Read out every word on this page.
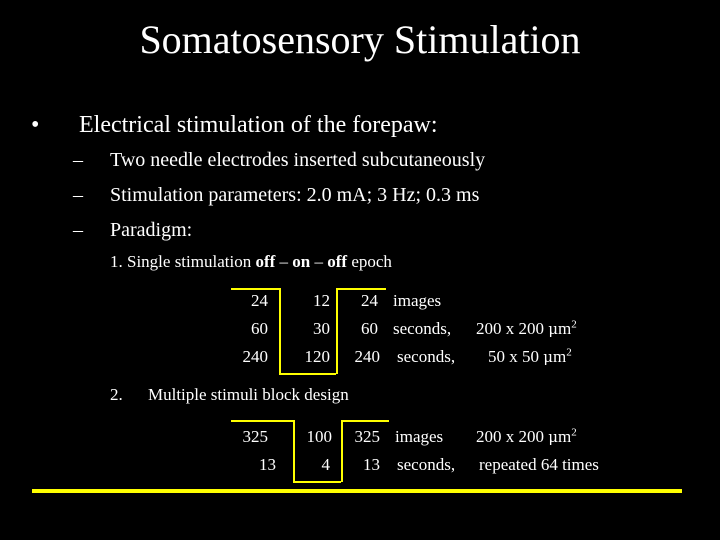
Somatosensory Stimulation
• Electrical stimulation of the forepaw:
– Two needle electrodes inserted subcutaneously
– Stimulation parameters: 2.0 mA; 3 Hz; 0.3 ms
– Paradigm:
1. Single stimulation off – on – off epoch
24	12	24 images
60	30	60 seconds, 200 x 200 $\mu m^2$
240	120	240 seconds, 50 x 50 $\mu m^2$
2. Multiple stimuli block design
325	100	325 images 200 x 200 $\mu m^2$
13	4	13 seconds, repeated 64 times
